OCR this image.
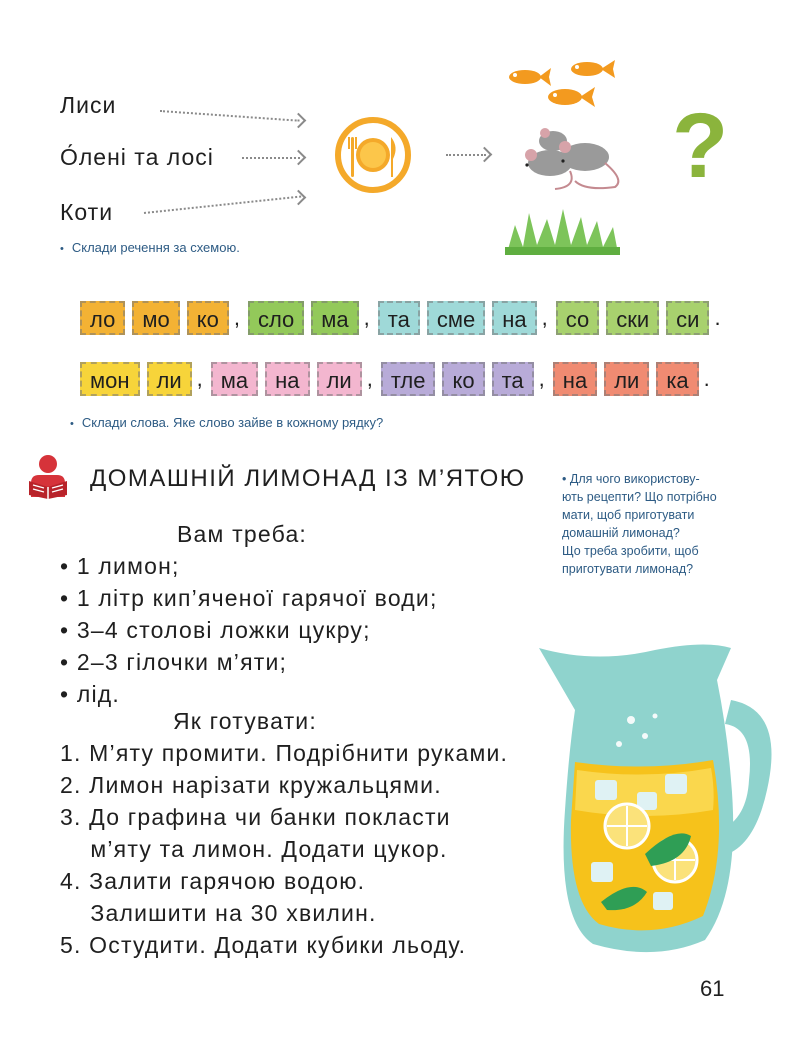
Лиси
О́лені та лосі
Коти
?
• Склади речення за схемою.
ло	мо	ко , сло	ма , та	сме	на , со	ски	си .
мон	ли , ма	на	ли , тле	ко	та , на	ли	ка .
• Склади слова. Яке слово зайве в кожному рядку?
ДОМАШНІЙ ЛИМОНАД ІЗ М’ЯТОЮ	• Для чого використову-
ють рецепти? Що потрібно
мати, щоб приготувати
домашній лимонад?
Що треба зробити, щоб
приготувати лимонад?
Вам треба:
• 1 лимон;
• 1 літр кип’яченої гарячої води;
• 3–4 столові ложки цукру;
• 2–3 гілочки м’яти;
• лід.
Як готувати:
1. М’яту промити. Подрібнити руками.
2. Лимон нарізати кружальцями.
3. До графина чи банки покласти
м’яту та лимон. Додати цукор.
4. Залити гарячою водою.
Залишити на 30 хвилин.
5. Остудити. Додати кубики льоду.
61
